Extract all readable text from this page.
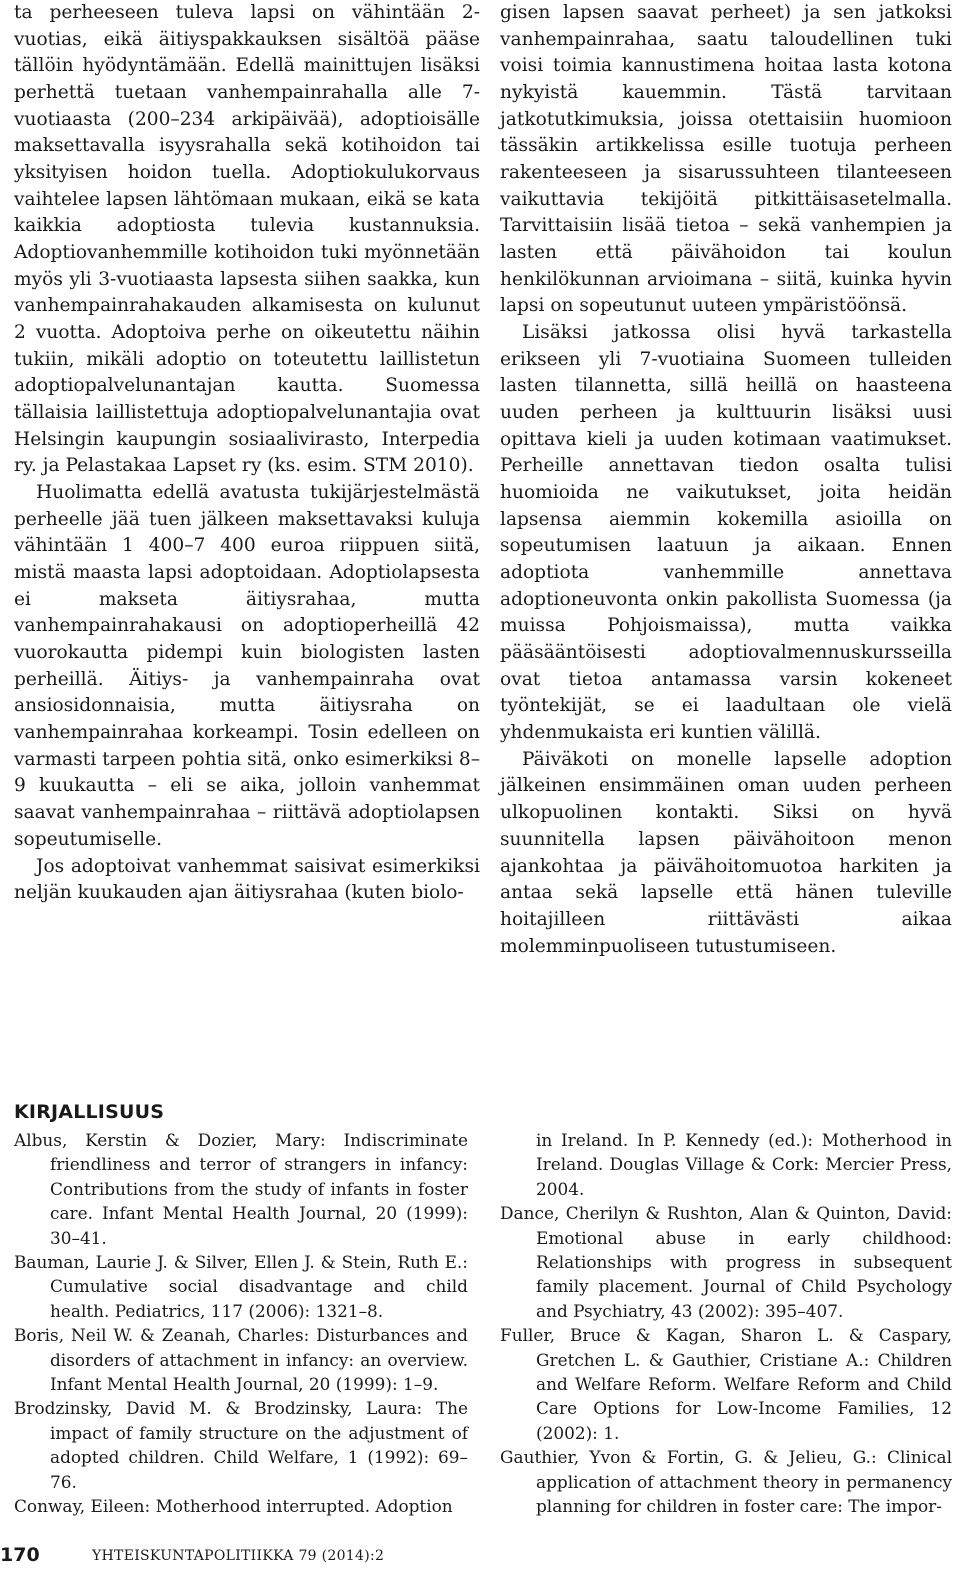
ta perheeseen tuleva lapsi on vähintään 2-vuotias, eikä äitiyspakkauksen sisältöä pääse tällöin hyödyntämään. Edellä mainittujen lisäksi perhettä tuetaan vanhempainrahalla alle 7-vuotiaasta (200–234 arkipäivää), adoptioisälle maksettavalla isyysrahalla sekä kotihoidon tai yksityisen hoidon tuella. Adoptiokulukorvaus vaihtelee lapsen lähtömaan mukaan, eikä se kata kaikkia adoptiosta tulevia kustannuksia. Adoptiovanhemmille kotihoidon tuki myönnetään myös yli 3-vuotiaasta lapsesta siihen saakka, kun vanhempainrahakauden alkamisesta on kulunut 2 vuotta. Adoptoiva perhe on oikeutettu näihin tukiin, mikäli adoptio on toteutettu laillistetun adoptiopalvelunantajan kautta. Suomessa tällaisia laillistettuja adoptiopalvelunantajia ovat Helsingin kaupungin sosiaalivirasto, Interpedia ry. ja Pelastakaa Lapset ry (ks. esim. STM 2010).

Huolimatta edellä avatusta tukijärjestelmästä perheelle jää tuen jälkeen maksettavaksi kuluja vähintään 1 400–7 400 euroa riippuen siitä, mistä maasta lapsi adoptoidaan. Adoptiolapsesta ei makseta äitiysrahaa, mutta vanhempainrahakausi on adoptioperheillä 42 vuorokautta pidempi kuin biologisten lasten perheillä. Äitiys- ja vanhempainraha ovat ansiosidonnaisia, mutta äitiysraha on vanhempainrahaa korkeampi. Tosin edelleen on varmasti tarpeen pohtia sitä, onko esimerkiksi 8–9 kuukautta – eli se aika, jolloin vanhemmat saavat vanhempainrahaa – riittävä adoptiolapsen sopeutumiselle.

Jos adoptoivat vanhemmat saisivat esimerkiksi neljän kuukauden ajan äitiysrahaa (kuten biolo-

gisen lapsen saavat perheet) ja sen jatkoksi vanhempainrahaa, saatu taloudellinen tuki voisi toimia kannustimena hoitaa lasta kotona nykyistä kauemmin. Tästä tarvitaan jatkotutkimuksia, joissa otettaisiin huomioon tässäkin artikkelissa esille tuotuja perheen rakenteeseen ja sisarussuhteen tilanteeseen vaikuttavia tekijöitä pitkittäisasetelmalla. Tarvittaisiin lisää tietoa – sekä vanhempien ja lasten että päivähoidon tai koulun henkilökunnan arvioimana – siitä, kuinka hyvin lapsi on sopeutunut uuteen ympäristöönsä.

Lisäksi jatkossa olisi hyvä tarkastella erikseen yli 7-vuotiaina Suomeen tulleiden lasten tilannetta, sillä heillä on haasteena uuden perheen ja kulttuurin lisäksi uusi opittava kieli ja uuden kotimaan vaatimukset. Perheille annettavan tiedon osalta tulisi huomioida ne vaikutukset, joita heidän lapsensa aiemmin kokemilla asioilla on sopeutumisen laatuun ja aikaan. Ennen adoptiota vanhemmille annettava adoptioneuvonta onkin pakollista Suomessa (ja muissa Pohjoismaissa), mutta vaikka pääsääntöisesti adoptiovalmennuskursseilla ovat tietoa antamassa varsin kokeneet työntekijät, se ei laadultaan ole vielä yhdenmukaista eri kuntien välillä.

Päiväkoti on monelle lapselle adoption jälkeinen ensimmäinen oman uuden perheen ulkopuolinen kontakti. Siksi on hyvä suunnitella lapsen päivähoitoon menon ajankohtaa ja päivähoitomuotoa harkiten ja antaa sekä lapselle että hänen tuleville hoitajilleen riittävästi aikaa molemminpuoliseen tutustumiseen.

KIRJALLISUUS

Albus, Kerstin & Dozier, Mary: Indiscriminate friendliness and terror of strangers in infancy: Contributions from the study of infants in foster care. Infant Mental Health Journal, 20 (1999): 30–41.

Bauman, Laurie J. & Silver, Ellen J. & Stein, Ruth E.: Cumulative social disadvantage and child health. Pediatrics, 117 (2006): 1321–8.

Boris, Neil W. & Zeanah, Charles: Disturbances and disorders of attachment in infancy: an overview. Infant Mental Health Journal, 20 (1999): 1–9.

Brodzinsky, David M. & Brodzinsky, Laura: The impact of family structure on the adjustment of adopted children. Child Welfare, 1 (1992): 69–76.

Conway, Eileen: Motherhood interrupted. Adoption

in Ireland. In P. Kennedy (ed.): Motherhood in Ireland. Douglas Village & Cork: Mercier Press, 2004.

Dance, Cherilyn & Rushton, Alan & Quinton, David: Emotional abuse in early childhood: Relationships with progress in subsequent family placement. Journal of Child Psychology and Psychiatry, 43 (2002): 395–407.

Fuller, Bruce & Kagan, Sharon L. & Caspary, Gretchen L. & Gauthier, Cristiane A.: Children and Welfare Reform. Welfare Reform and Child Care Options for Low-Income Families, 12 (2002): 1.

Gauthier, Yvon & Fortin, G. & Jelieu, G.: Clinical application of attachment theory in permanency planning for children in foster care: The impor-

170	YHTEISKUNTAPOLITIIKKA 79 (2014):2
